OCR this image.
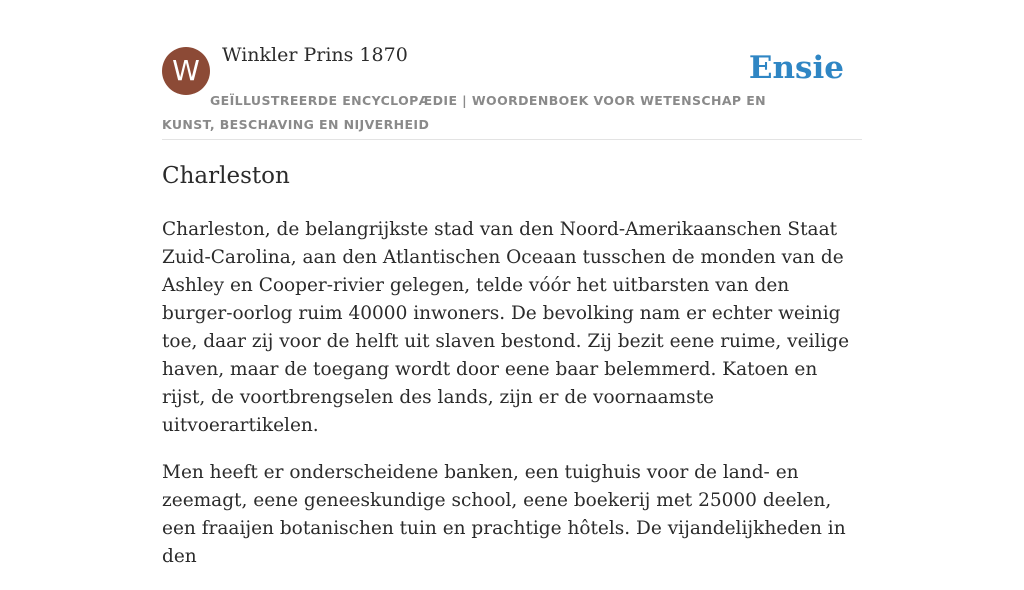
W	Winkler Prins 1870
GEÏLLUSTREERDE ENCYCLOPÆDIE | WOORDENBOEK VOOR WETENSCHAP EN KUNST, BESCHAVING EN NIJVERHEID
Ensie
Charleston

Charleston, de belangrijkste stad van den Noord-Amerikaanschen Staat Zuid-Carolina, aan den Atlantischen Oceaan tusschen de monden van de Ashley en Cooper-rivier gelegen, telde vóór het uitbarsten van den burger-oorlog ruim 40000 inwoners. De bevolking nam er echter weinig toe, daar zij voor de helft uit slaven bestond. Zij bezit eene ruime, veilige haven, maar de toegang wordt door eene baar belemmerd. Katoen en rijst, de voortbrengselen des lands, zijn er de voornaamste uitvoerartikelen.

Men heeft er onderscheidene banken, een tuighuis voor de land- en zeemagt, eene geneeskundige school, eene boekerij met 25000 deelen, een fraaijen botanischen tuin en prachtige hôtels. De vijandelijkheden in den
